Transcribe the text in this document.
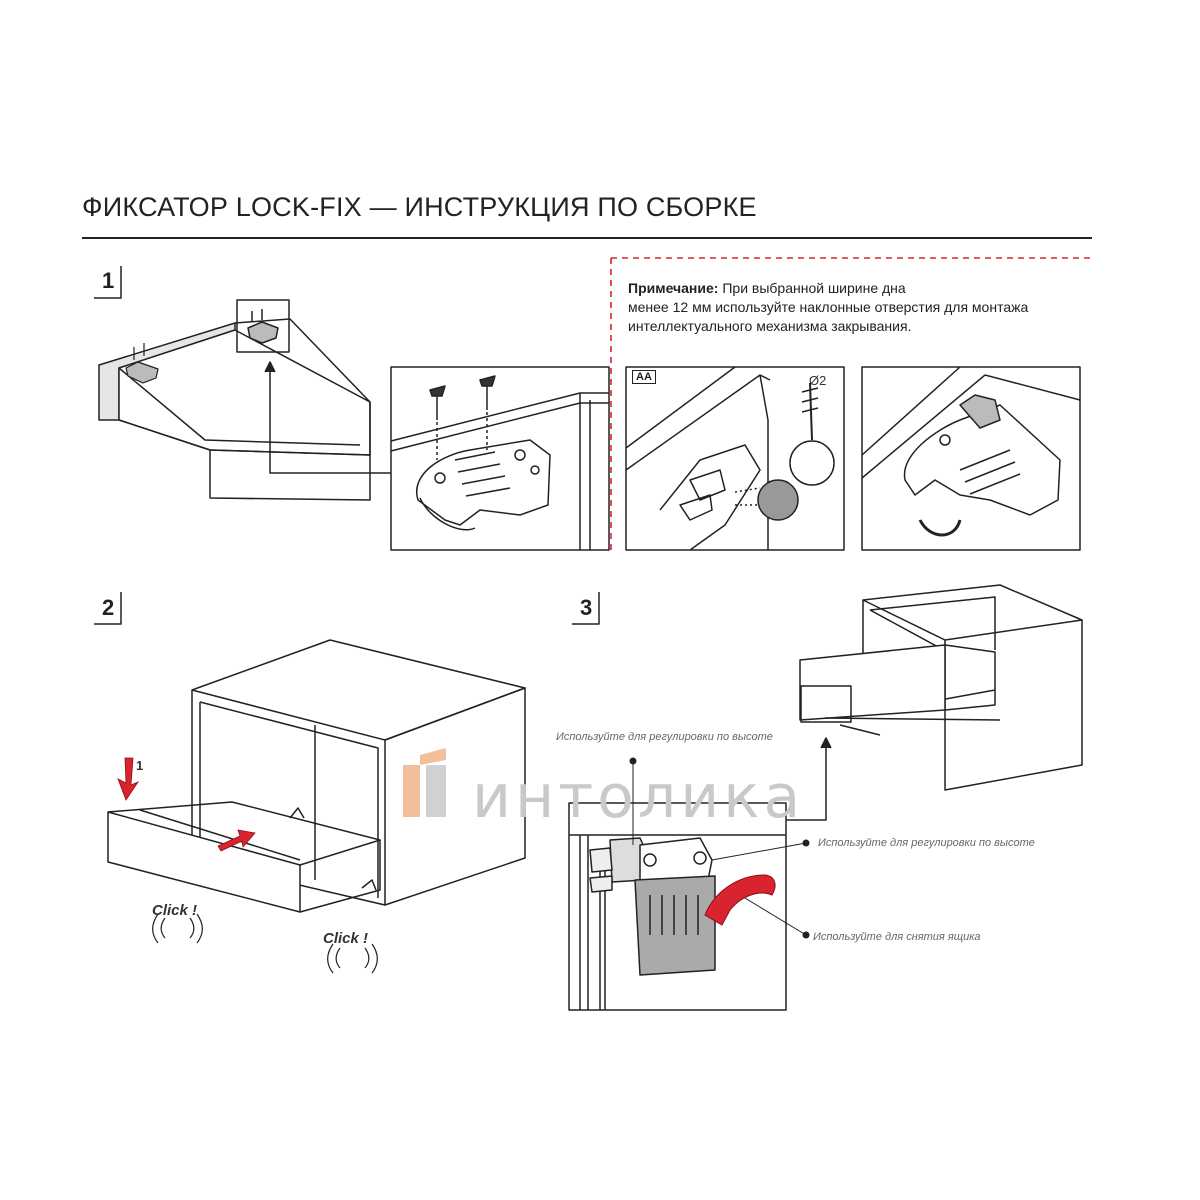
ФИКСАТОР LOCK-FIX — ИНСТРУКЦИЯ ПО СБОРКЕ
1
2	3
Примечание: При выбранной ширине дна
менее 12 мм используйте наклонные отверстия для монтажа
интеллектуального механизма закрывания.
AA	Ø2
1
Click !
Click !
Используйте для регулировки по высоте
Используйте для регулировки по высоте
Используйте для снятия ящика
интолика
